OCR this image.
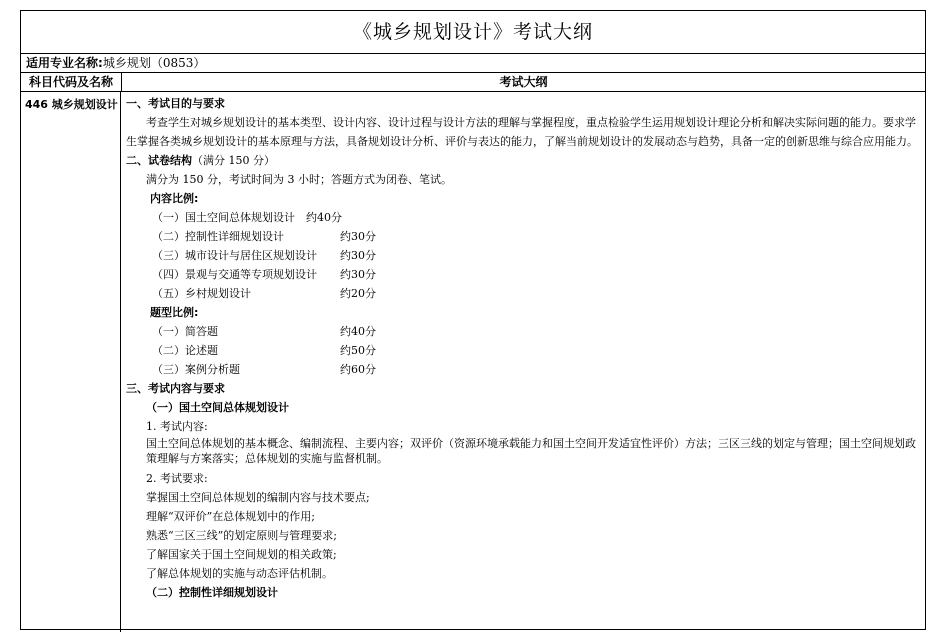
《城乡规划设计》考试大纲
适用专业名称:城乡规划（0853）
科目代码及名称	考试大纲
446 城乡规划设计 一、考试目的与要求
考查学生对城乡规划设计的基本类型、设计内容、设计过程与设计方法的理解与掌握程度，重点检验学生运用规划设计理论分析和解决实际问题的能力。要求学生掌握各类城乡规划设计的基本原理与方法，具备规划设计分析、评价与表达的能力，了解当前规划设计的发展动态与趋势，具备一定的创新思维与综合应用能力。
二、试卷结构（满分 150 分）
满分为 150 分，考试时间为 3 小时；答题方式为闭卷、笔试。
内容比例:
（一）国土空间总体规划设计	约40分
（二）控制性详细规划设计	约30分
（三）城市设计与居住区规划设计	约30分
（四）景观与交通等专项规划设计	约30分
（五）乡村规划设计	约20分
题型比例:
（一）简答题	约40分
（二）论述题	约50分
（三）案例分析题	约60分
三、考试内容与要求
（一）国土空间总体规划设计
1. 考试内容:
国土空间总体规划的基本概念、编制流程、主要内容；双评价（资源环境承载能力和国土空间开发适宜性评价）方法；三区三线的划定与管理；国土空间规划政策理解与方案落实；总体规划的实施与监督机制。
2. 考试要求:
掌握国土空间总体规划的编制内容与技术要点;
理解“双评价”在总体规划中的作用;
熟悉“三区三线”的划定原则与管理要求;
了解国家关于国土空间规划的相关政策;
了解总体规划的实施与动态评估机制。
（二）控制性详细规划设计
